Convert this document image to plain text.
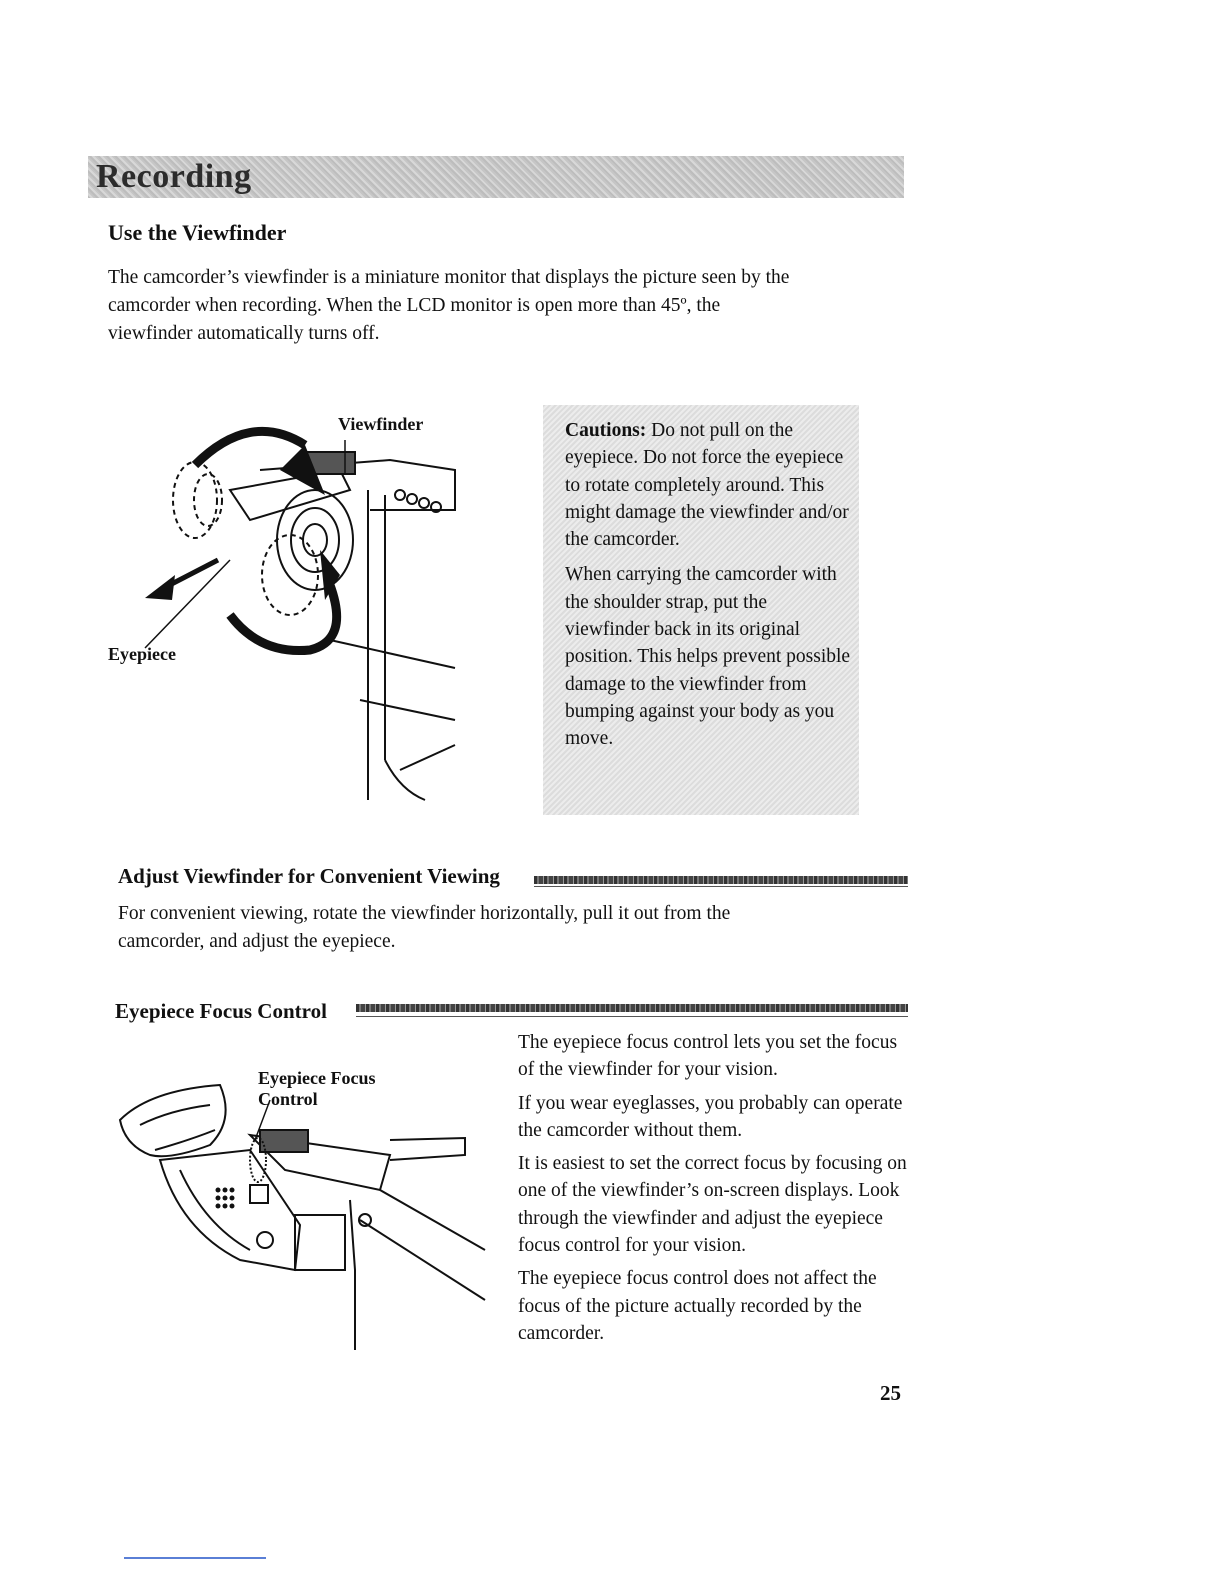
Recording
Use the Viewfinder
The camcorder’s viewfinder is a miniature monitor that displays the picture seen by the
camcorder when recording. When the LCD monitor is open more than 45º, the
viewfinder automatically turns off.
Viewfinder
Eyepiece

Cautions: Do not pull on the eyepiece. Do not force the eyepiece to rotate completely around. This might damage the viewfinder and/or the camcorder.

When carrying the camcorder with the shoulder strap, put the viewfinder back in its original position. This helps prevent possible damage to the viewfinder from bumping against your body as you move.

Adjust Viewfinder for Convenient Viewing
For convenient viewing, rotate the viewfinder horizontally, pull it out from the
camcorder, and adjust the eyepiece.
Eyepiece Focus Control
Eyepiece Focus
Control

The eyepiece focus control lets you set the focus of the viewfinder for your vision.

If you wear eyeglasses, you probably can operate the camcorder without them.

It is easiest to set the correct focus by focusing on one of the viewfinder’s on-screen displays. Look through the viewfinder and adjust the eyepiece focus control for your vision.

The eyepiece focus control does not affect the focus of the picture actually recorded by the camcorder.

25
